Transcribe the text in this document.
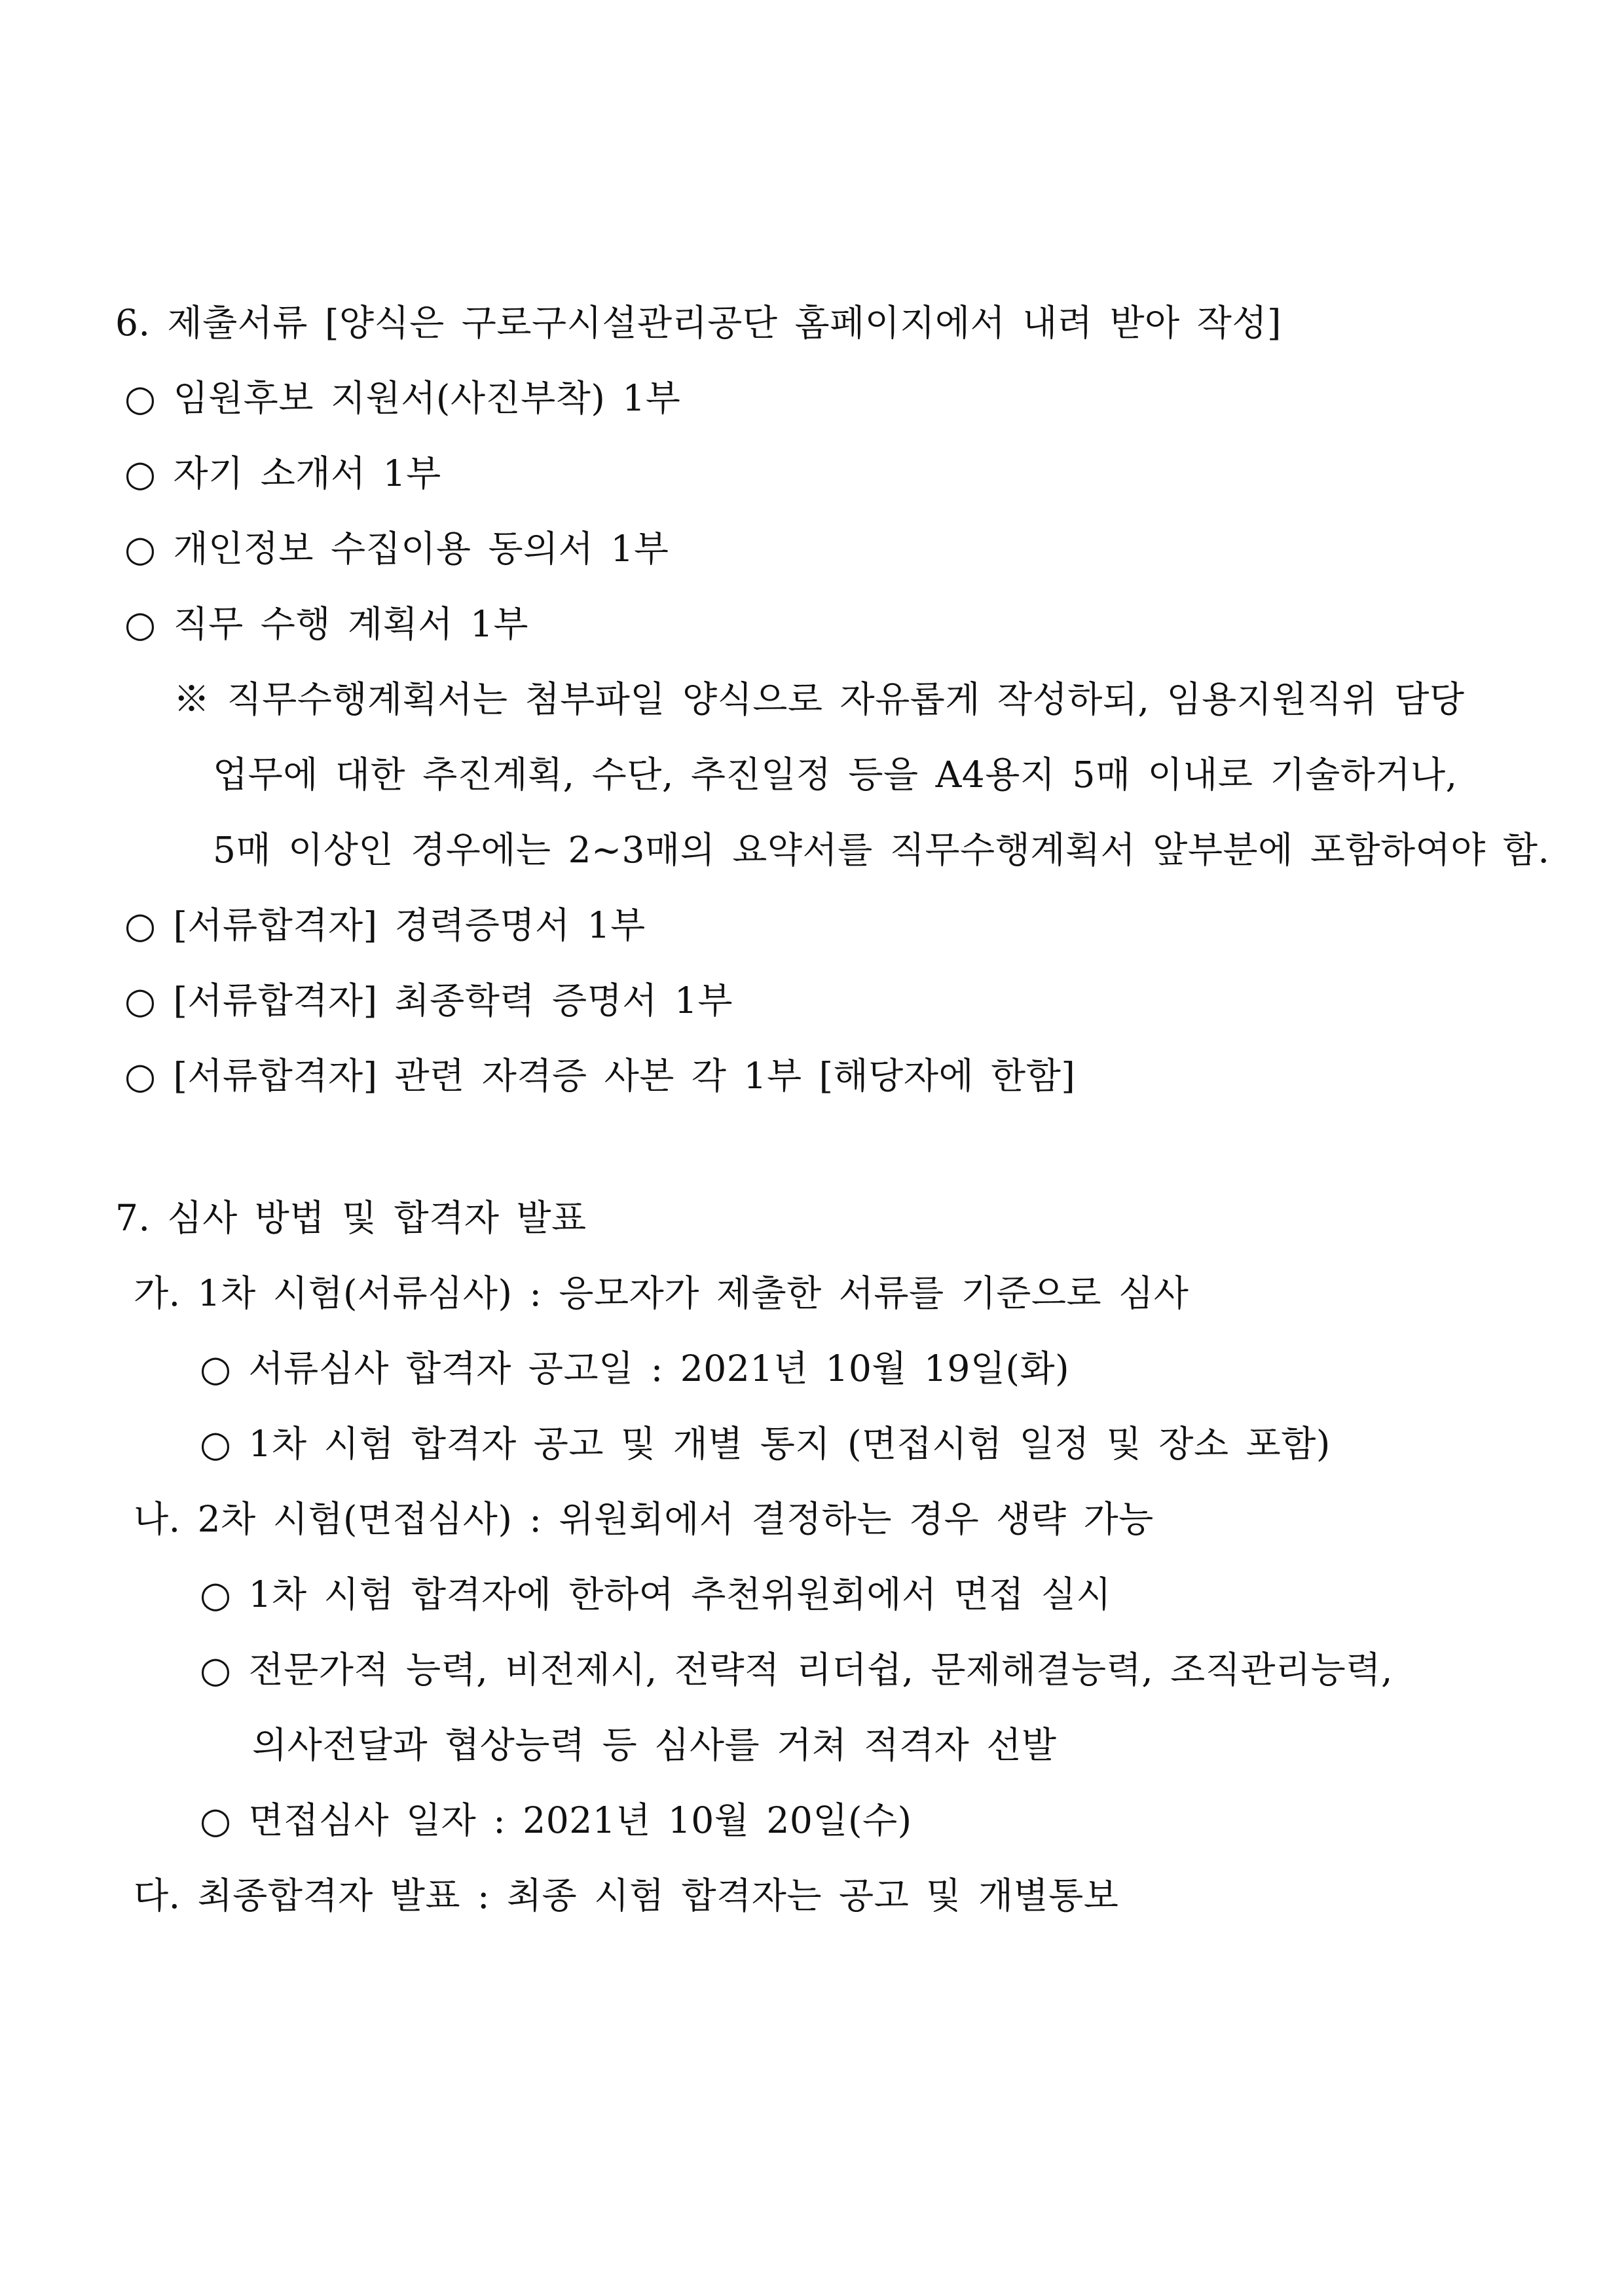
6. 제출서류 [양식은 구로구시설관리공단 홈페이지에서 내려 받아 작성]
○ 임원후보 지원서(사진부착) 1부
○ 자기 소개서 1부
○ 개인정보 수집이용 동의서 1부
○ 직무 수행 계획서 1부
※ 직무수행계획서는 첨부파일 양식으로 자유롭게 작성하되, 임용지원직위 담당
업무에 대한 추진계획, 수단, 추진일정 등을 A4용지 5매 이내로 기술하거나,
5매 이상인 경우에는 2~3매의 요약서를 직무수행계획서 앞부분에 포함하여야 함.
○ [서류합격자] 경력증명서 1부
○ [서류합격자] 최종학력 증명서 1부
○ [서류합격자] 관련 자격증 사본 각 1부 [해당자에 한함]
7. 심사 방법 및 합격자 발표
가. 1차 시험(서류심사) : 응모자가 제출한 서류를 기준으로 심사
○ 서류심사 합격자 공고일 : 2021년 10월 19일(화)
○ 1차 시험 합격자 공고 및 개별 통지 (면접시험 일정 및 장소 포함)
나. 2차 시험(면접심사) : 위원회에서 결정하는 경우 생략 가능
○ 1차 시험 합격자에 한하여 추천위원회에서 면접 실시
○ 전문가적 능력, 비전제시, 전략적 리더쉽, 문제해결능력, 조직관리능력,
의사전달과 협상능력 등 심사를 거쳐 적격자 선발
○ 면접심사 일자 : 2021년 10월 20일(수)
다. 최종합격자 발표 : 최종 시험 합격자는 공고 및 개별통보
